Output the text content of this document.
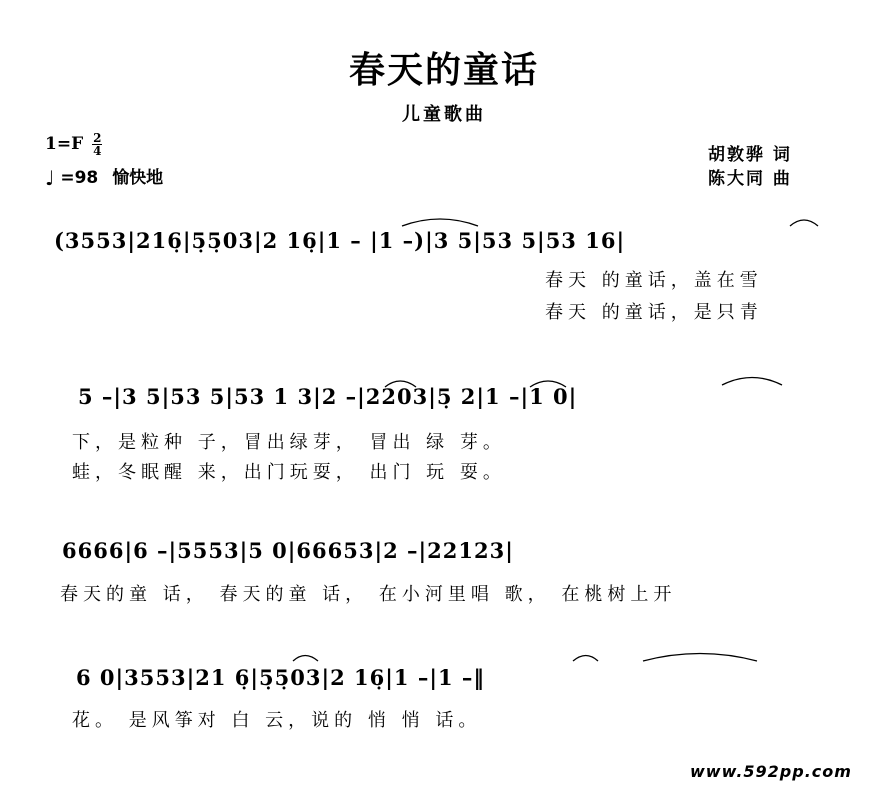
春天的童话
儿童歌曲
$1=F \frac{2}{4}$
♩ =98 愉快地
胡敦骅 词
陈大同 曲
(3553|216̣|5̣5̣03|2 16̣|1 – |1 –)|3 5|53 5|53 16|
春天 的童话，盖在雪
春天 的童话，是只青
5 –|3 5|53 5|53 1 3|2 –|2203|5̣ 2|1 –|1 0|
下，是粒种 子，冒出绿芽， 冒出 绿 芽。
蛙，冬眠醒 来，出门玩耍， 出门 玩 耍。
6666|6 –|5553|5 0|66653|2 –|22123|
春天的童 话， 春天的童 话， 在小河里唱 歌， 在桃树上开
6 0|3553|21 6̣|5̣5̣03|2 16̣|1 –|1 –‖
花。 是风筝对 白 云，说的 悄 悄 话。
www.592pp.com
